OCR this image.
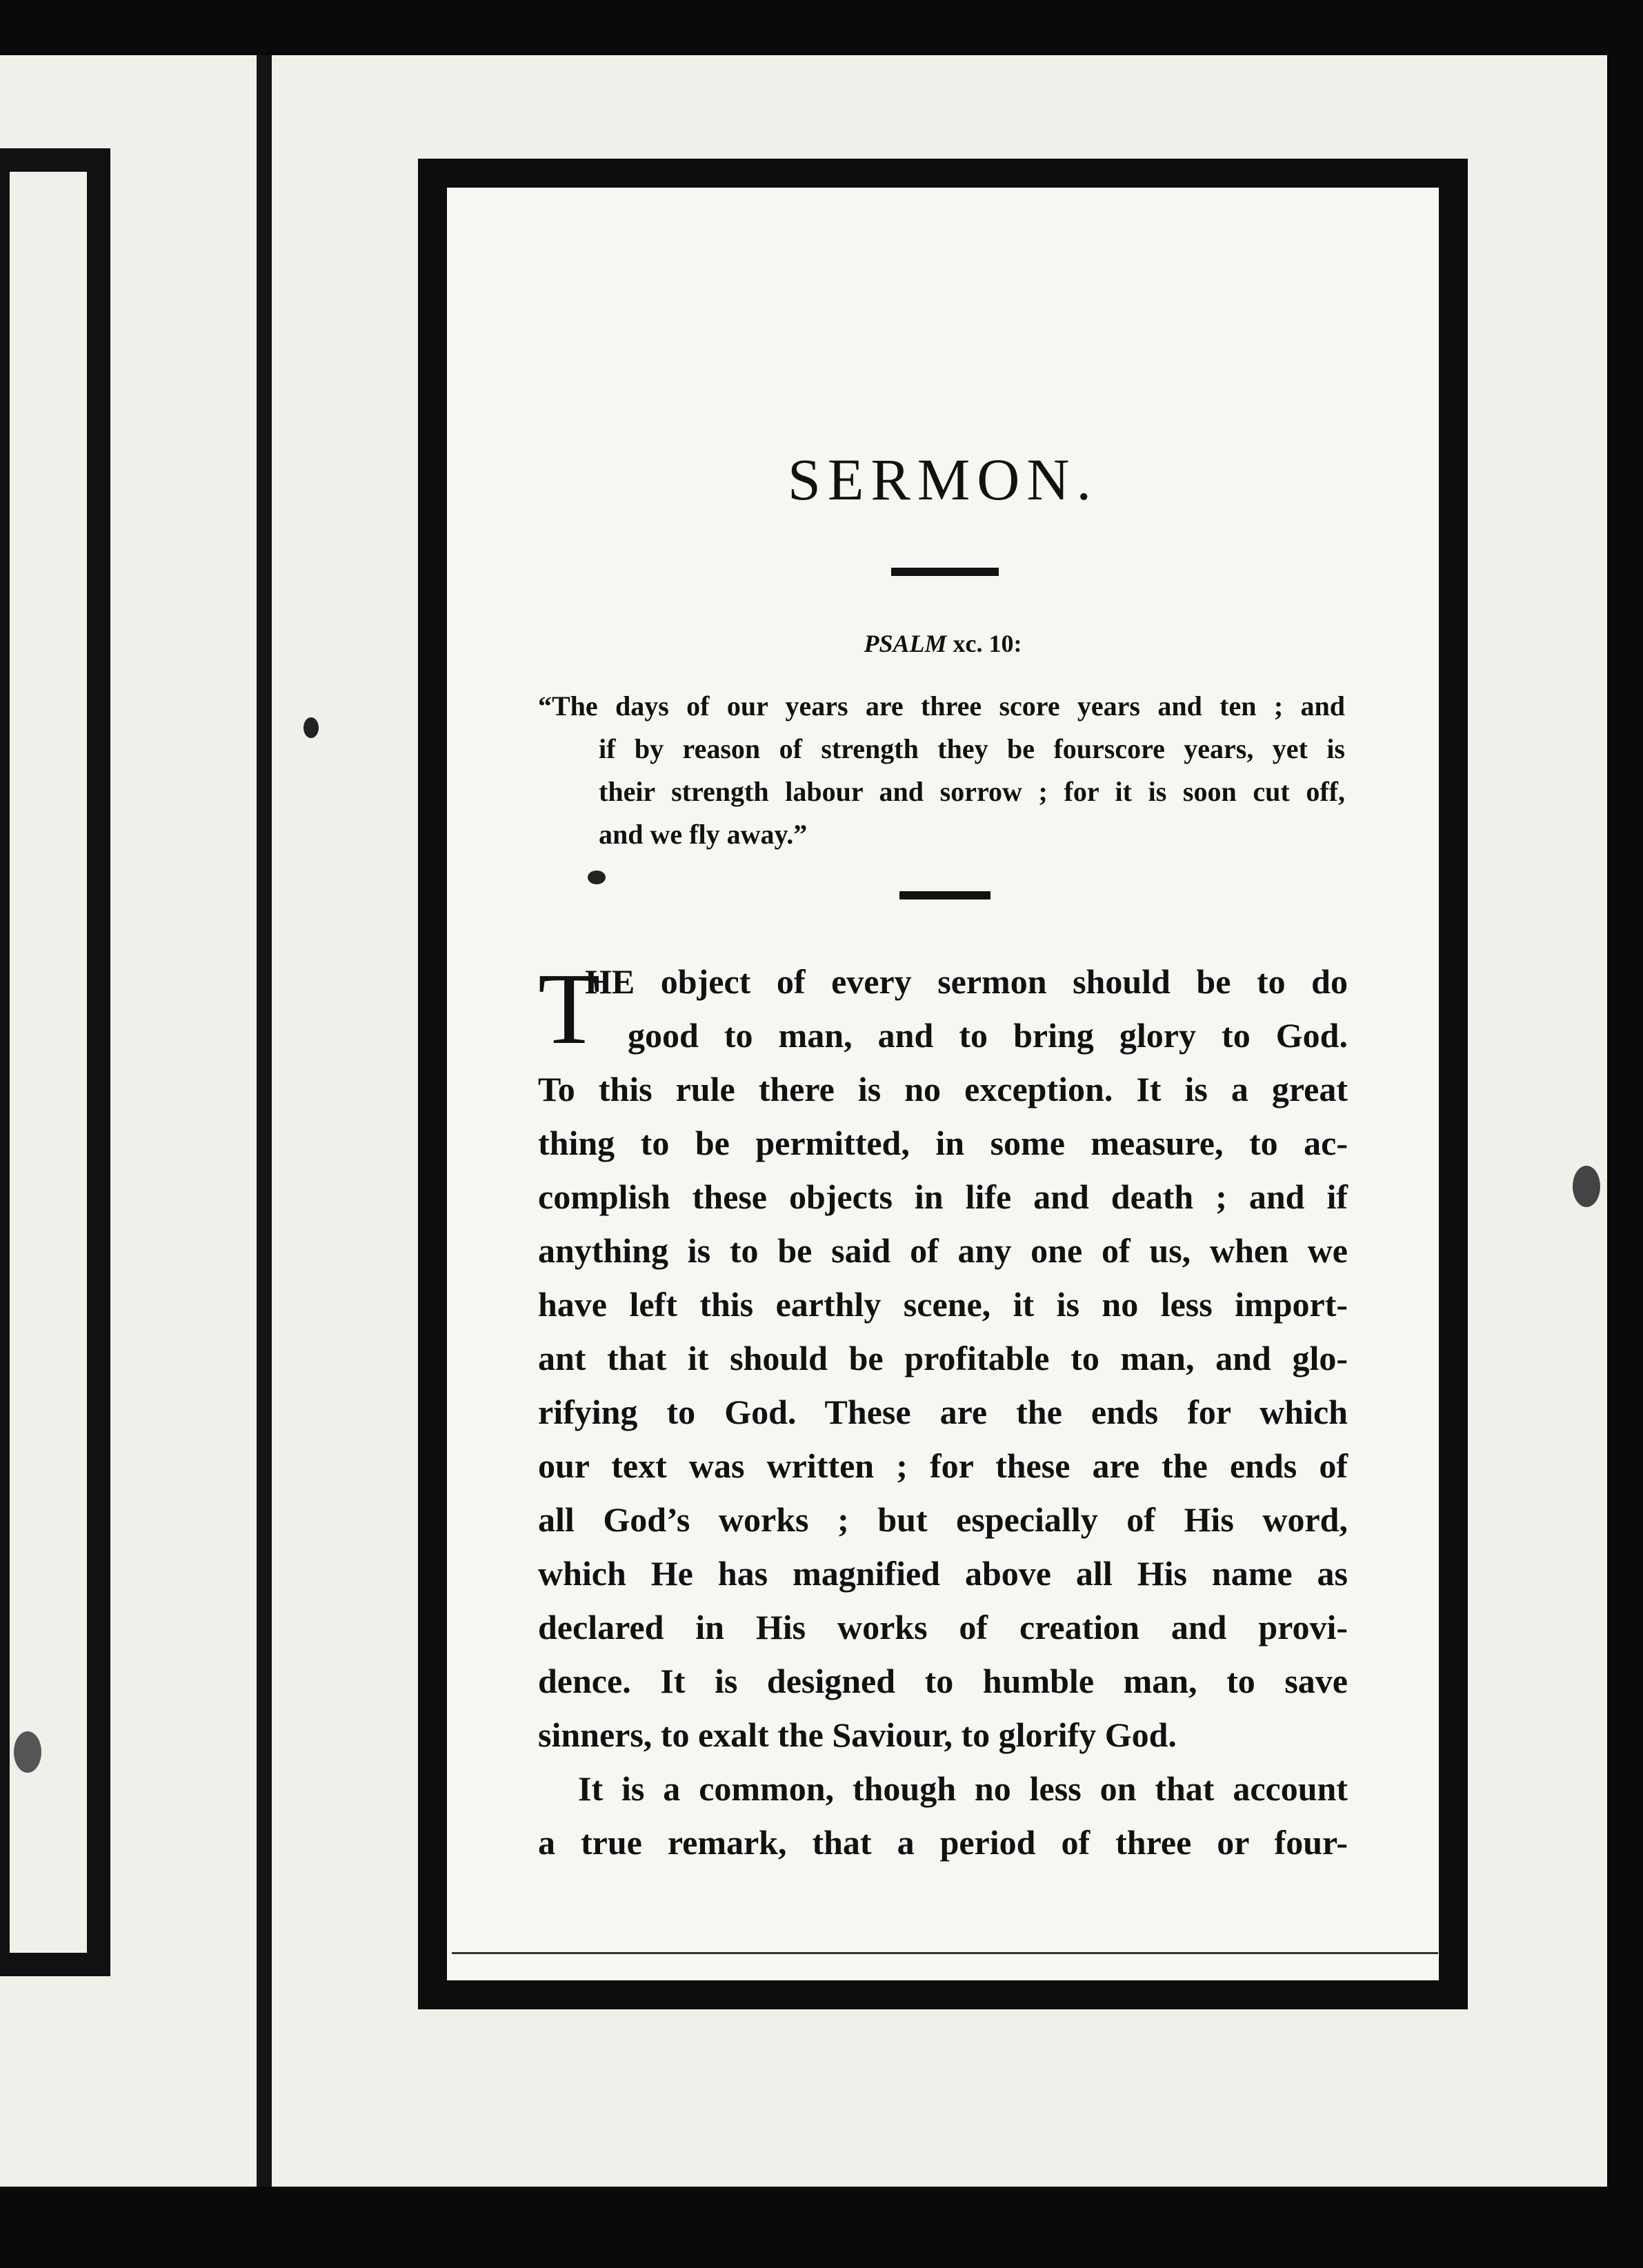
SERMON.
PSALM xc. 10:
“The days of our years are three score years and ten ; and
if by reason of strength they be fourscore years, yet is
their strength labour and sorrow ; for it is soon cut off,
and we fly away.”
T
HE object of every sermon should be to do
good to man, and to bring glory to God.
To this rule there is no exception. It is a great
thing to be permitted, in some measure, to ac-
complish these objects in life and death ; and if
anything is to be said of any one of us, when we
have left this earthly scene, it is no less import-
ant that it should be profitable to man, and glo-
rifying to God. These are the ends for which
our text was written ; for these are the ends of
all God’s works ; but especially of His word,
which He has magnified above all His name as
declared in His works of creation and provi-
dence. It is designed to humble man, to save
sinners, to exalt the Saviour, to glorify God.
It is a common, though no less on that account
a true remark, that a period of three or four-
